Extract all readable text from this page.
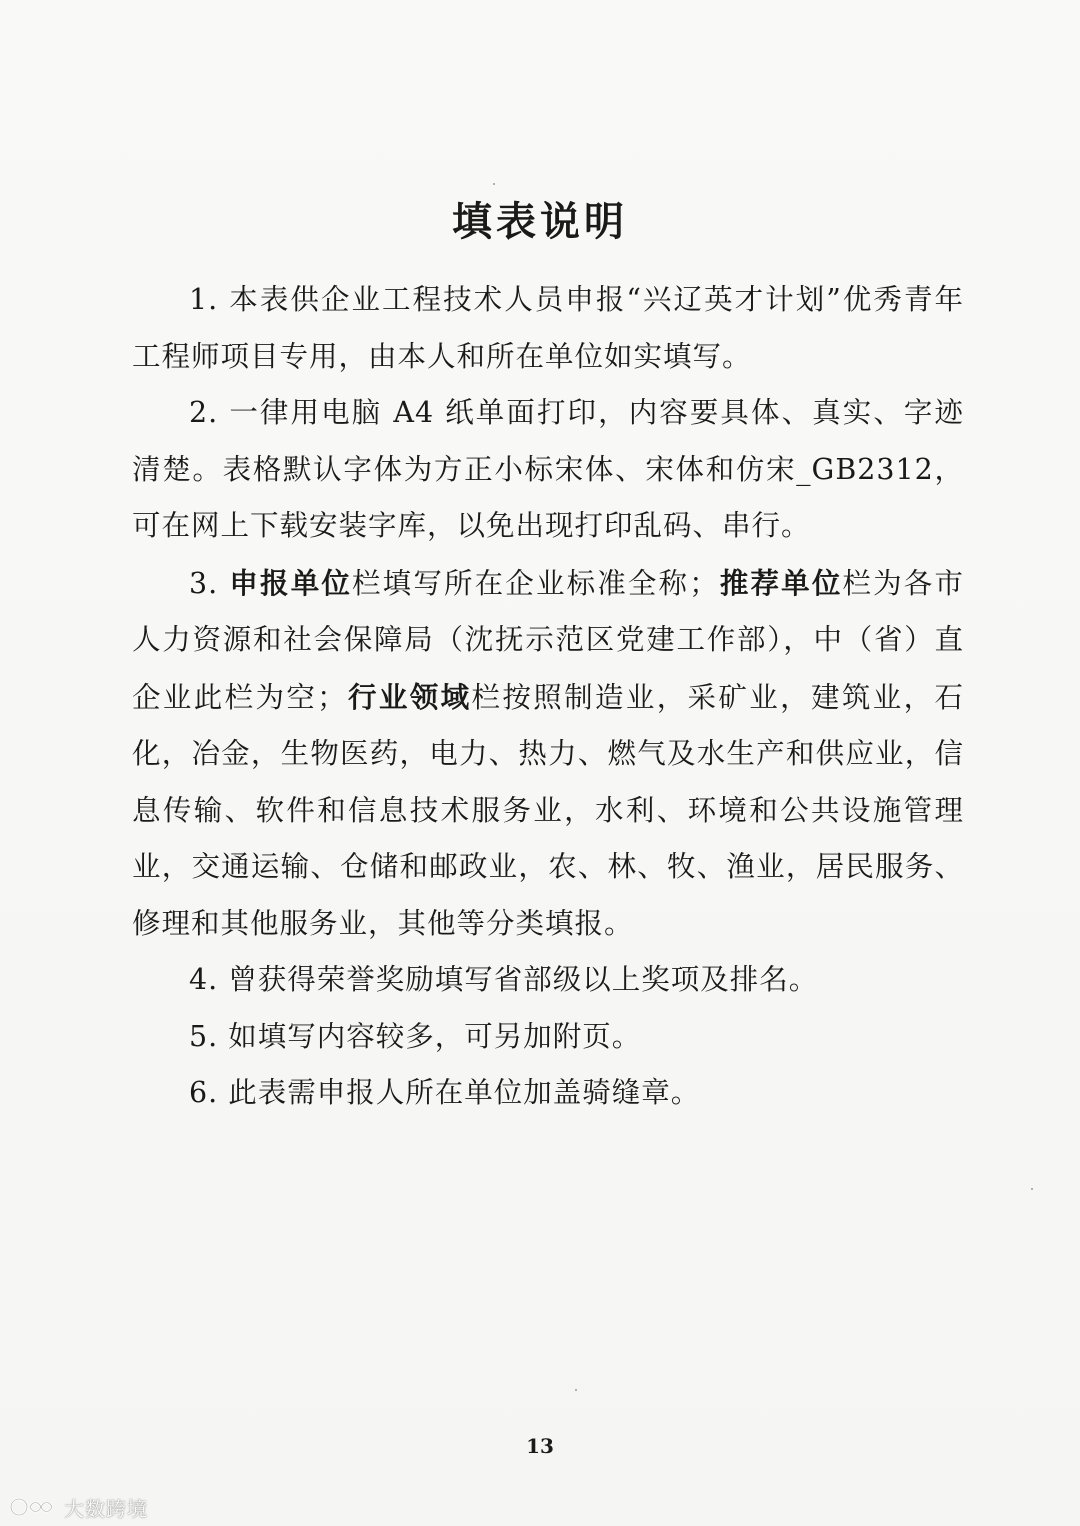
填表说明

1. 本表供企业工程技术人员申报“兴辽英才计划”优秀青年工程师项目专用，由本人和所在单位如实填写。

2. 一律用电脑 A4 纸单面打印，内容要具体、真实、字迹清楚。表格默认字体为方正小标宋体、宋体和仿宋_GB2312，可在网上下载安装字库，以免出现打印乱码、串行。

3. 申报单位栏填写所在企业标准全称；推荐单位栏为各市人力资源和社会保障局（沈抚示范区党建工作部），中（省）直企业此栏为空；行业领域栏按照制造业，采矿业，建筑业，石化，冶金，生物医药，电力、热力、燃气及水生产和供应业，信息传输、软件和信息技术服务业，水利、环境和公共设施管理业，交通运输、仓储和邮政业，农、林、牧、渔业，居民服务、修理和其他服务业，其他等分类填报。

4. 曾获得荣誉奖励填写省部级以上奖项及排名。

5. 如填写内容较多，可另加附页。

6. 此表需申报人所在单位加盖骑缝章。

13
大数跨境
